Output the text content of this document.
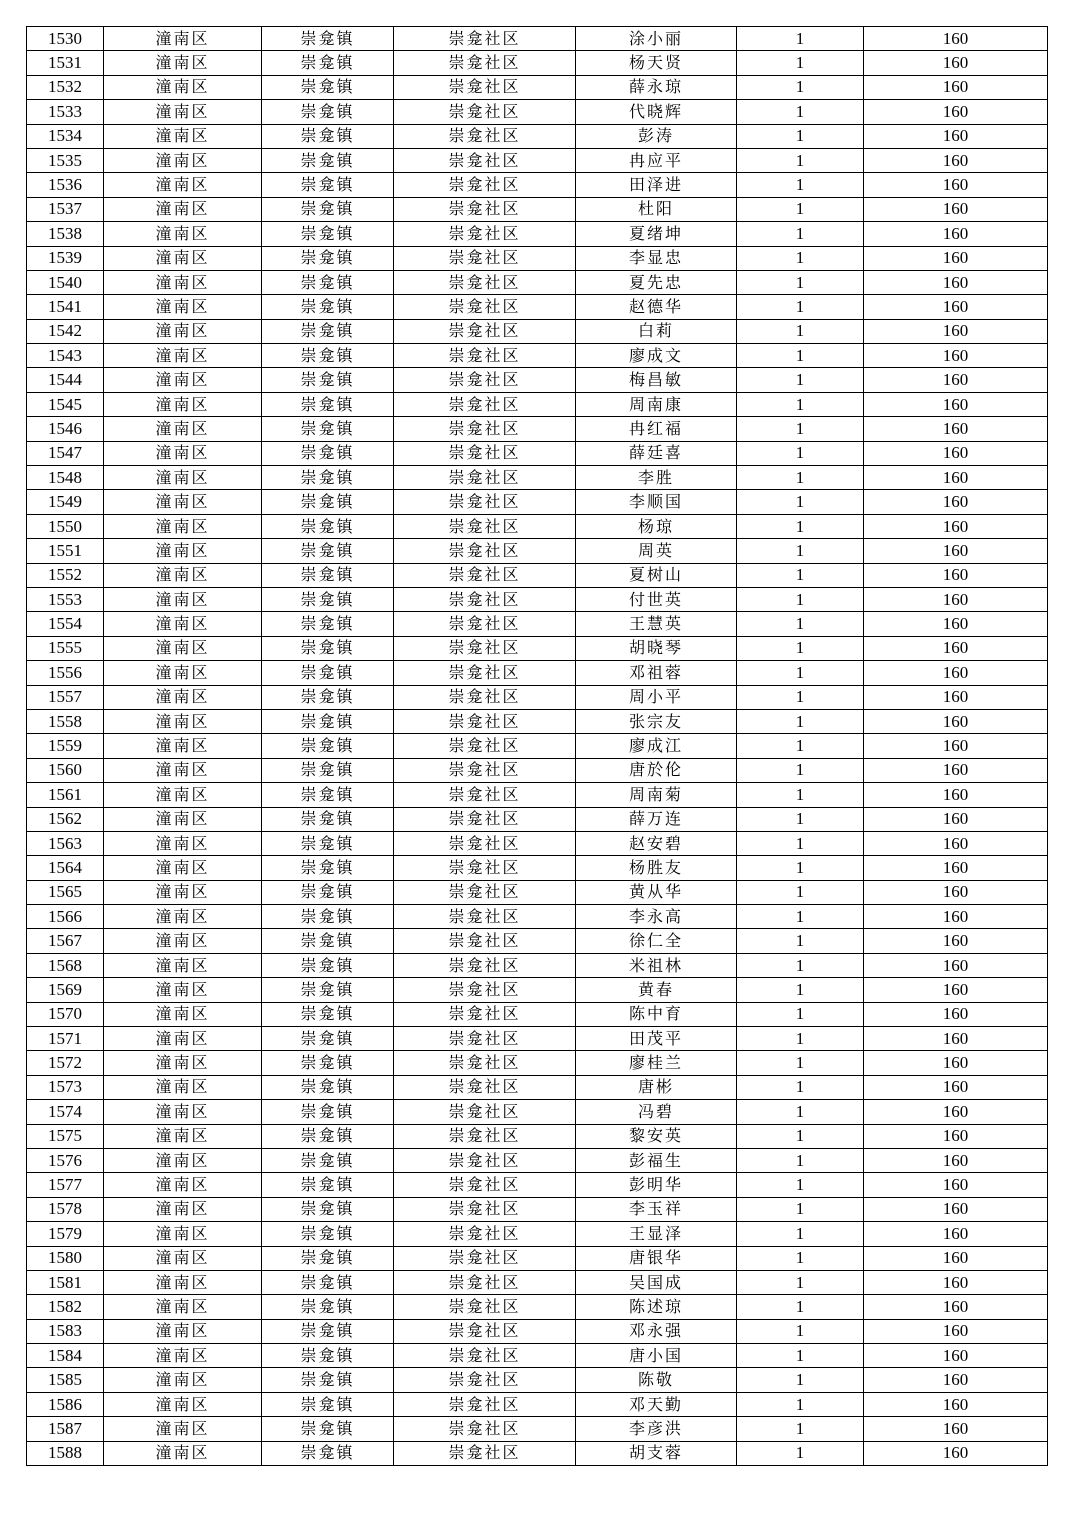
1530	潼南区	崇龛镇	崇龛社区	涂小丽	1	160
1531	潼南区	崇龛镇	崇龛社区	杨天贤	1	160
1532	潼南区	崇龛镇	崇龛社区	薛永琼	1	160
1533	潼南区	崇龛镇	崇龛社区	代晓辉	1	160
1534	潼南区	崇龛镇	崇龛社区	彭涛	1	160
1535	潼南区	崇龛镇	崇龛社区	冉应平	1	160
1536	潼南区	崇龛镇	崇龛社区	田泽进	1	160
1537	潼南区	崇龛镇	崇龛社区	杜阳	1	160
1538	潼南区	崇龛镇	崇龛社区	夏绪坤	1	160
1539	潼南区	崇龛镇	崇龛社区	李显忠	1	160
1540	潼南区	崇龛镇	崇龛社区	夏先忠	1	160
1541	潼南区	崇龛镇	崇龛社区	赵德华	1	160
1542	潼南区	崇龛镇	崇龛社区	白莉	1	160
1543	潼南区	崇龛镇	崇龛社区	廖成文	1	160
1544	潼南区	崇龛镇	崇龛社区	梅昌敏	1	160
1545	潼南区	崇龛镇	崇龛社区	周南康	1	160
1546	潼南区	崇龛镇	崇龛社区	冉红福	1	160
1547	潼南区	崇龛镇	崇龛社区	薛廷喜	1	160
1548	潼南区	崇龛镇	崇龛社区	李胜	1	160
1549	潼南区	崇龛镇	崇龛社区	李顺国	1	160
1550	潼南区	崇龛镇	崇龛社区	杨琼	1	160
1551	潼南区	崇龛镇	崇龛社区	周英	1	160
1552	潼南区	崇龛镇	崇龛社区	夏树山	1	160
1553	潼南区	崇龛镇	崇龛社区	付世英	1	160
1554	潼南区	崇龛镇	崇龛社区	王慧英	1	160
1555	潼南区	崇龛镇	崇龛社区	胡晓琴	1	160
1556	潼南区	崇龛镇	崇龛社区	邓祖蓉	1	160
1557	潼南区	崇龛镇	崇龛社区	周小平	1	160
1558	潼南区	崇龛镇	崇龛社区	张宗友	1	160
1559	潼南区	崇龛镇	崇龛社区	廖成江	1	160
1560	潼南区	崇龛镇	崇龛社区	唐於伦	1	160
1561	潼南区	崇龛镇	崇龛社区	周南菊	1	160
1562	潼南区	崇龛镇	崇龛社区	薛万连	1	160
1563	潼南区	崇龛镇	崇龛社区	赵安碧	1	160
1564	潼南区	崇龛镇	崇龛社区	杨胜友	1	160
1565	潼南区	崇龛镇	崇龛社区	黄从华	1	160
1566	潼南区	崇龛镇	崇龛社区	李永高	1	160
1567	潼南区	崇龛镇	崇龛社区	徐仁全	1	160
1568	潼南区	崇龛镇	崇龛社区	米祖林	1	160
1569	潼南区	崇龛镇	崇龛社区	黄春	1	160
1570	潼南区	崇龛镇	崇龛社区	陈中育	1	160
1571	潼南区	崇龛镇	崇龛社区	田茂平	1	160
1572	潼南区	崇龛镇	崇龛社区	廖桂兰	1	160
1573	潼南区	崇龛镇	崇龛社区	唐彬	1	160
1574	潼南区	崇龛镇	崇龛社区	冯碧	1	160
1575	潼南区	崇龛镇	崇龛社区	黎安英	1	160
1576	潼南区	崇龛镇	崇龛社区	彭福生	1	160
1577	潼南区	崇龛镇	崇龛社区	彭明华	1	160
1578	潼南区	崇龛镇	崇龛社区	李玉祥	1	160
1579	潼南区	崇龛镇	崇龛社区	王显泽	1	160
1580	潼南区	崇龛镇	崇龛社区	唐银华	1	160
1581	潼南区	崇龛镇	崇龛社区	吴国成	1	160
1582	潼南区	崇龛镇	崇龛社区	陈述琼	1	160
1583	潼南区	崇龛镇	崇龛社区	邓永强	1	160
1584	潼南区	崇龛镇	崇龛社区	唐小国	1	160
1585	潼南区	崇龛镇	崇龛社区	陈敬	1	160
1586	潼南区	崇龛镇	崇龛社区	邓天勤	1	160
1587	潼南区	崇龛镇	崇龛社区	李彦洪	1	160
1588	潼南区	崇龛镇	崇龛社区	胡支蓉	1	160
